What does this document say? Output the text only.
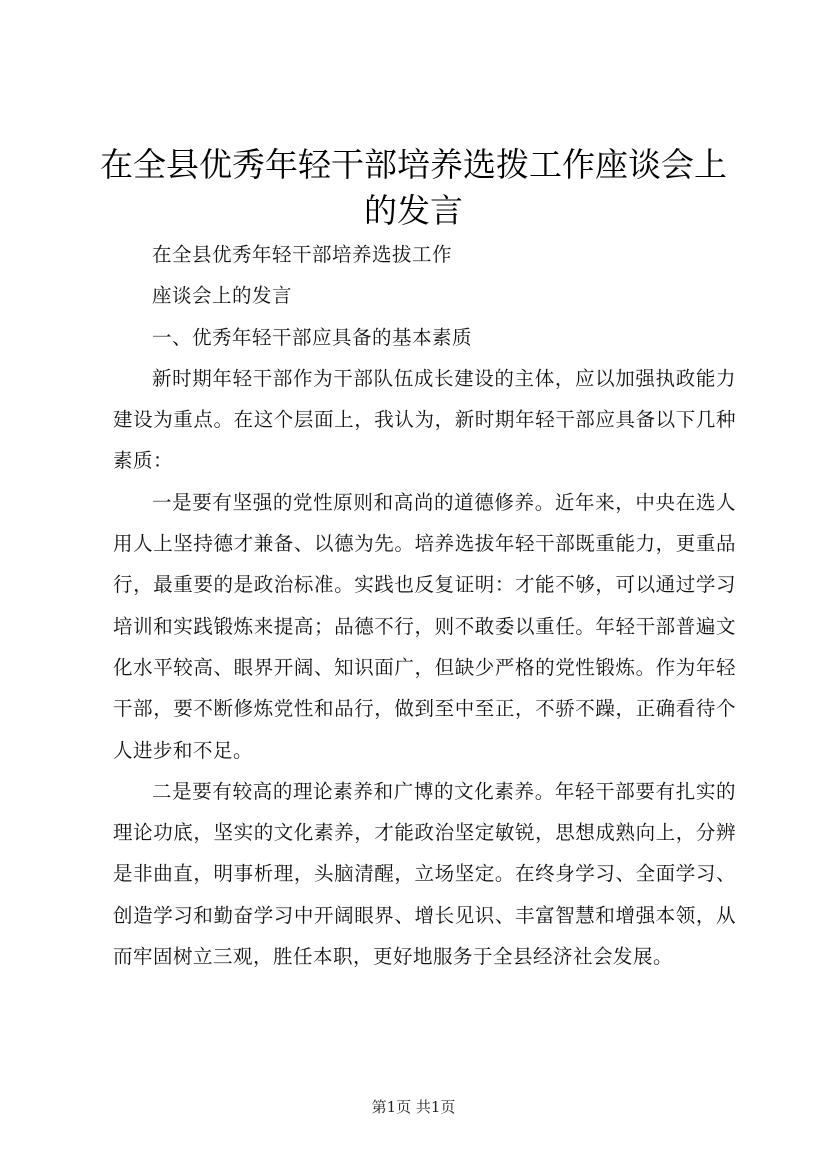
在全县优秀年轻干部培养选拨工作座谈会上的发言

在全县优秀年轻干部培养选拔工作

座谈会上的发言

一、优秀年轻干部应具备的基本素质

新时期年轻干部作为干部队伍成长建设的主体，应以加强执政能力建设为重点。在这个层面上，我认为，新时期年轻干部应具备以下几种素质：

一是要有坚强的党性原则和高尚的道德修养。近年来，中央在选人用人上坚持德才兼备、以德为先。培养选拔年轻干部既重能力，更重品行，最重要的是政治标准。实践也反复证明：才能不够，可以通过学习培训和实践锻炼来提高；品德不行，则不敢委以重任。年轻干部普遍文化水平较高、眼界开阔、知识面广，但缺少严格的党性锻炼。作为年轻干部，要不断修炼党性和品行，做到至中至正，不骄不躁，正确看待个人进步和不足。

二是要有较高的理论素养和广博的文化素养。年轻干部要有扎实的理论功底，坚实的文化素养，才能政治坚定敏锐，思想成熟向上，分辨是非曲直，明事析理，头脑清醒，立场坚定。在终身学习、全面学习、创造学习和勤奋学习中开阔眼界、增长见识、丰富智慧和增强本领，从而牢固树立三观，胜任本职，更好地服务于全县经济社会发展。

第1页 共1页
